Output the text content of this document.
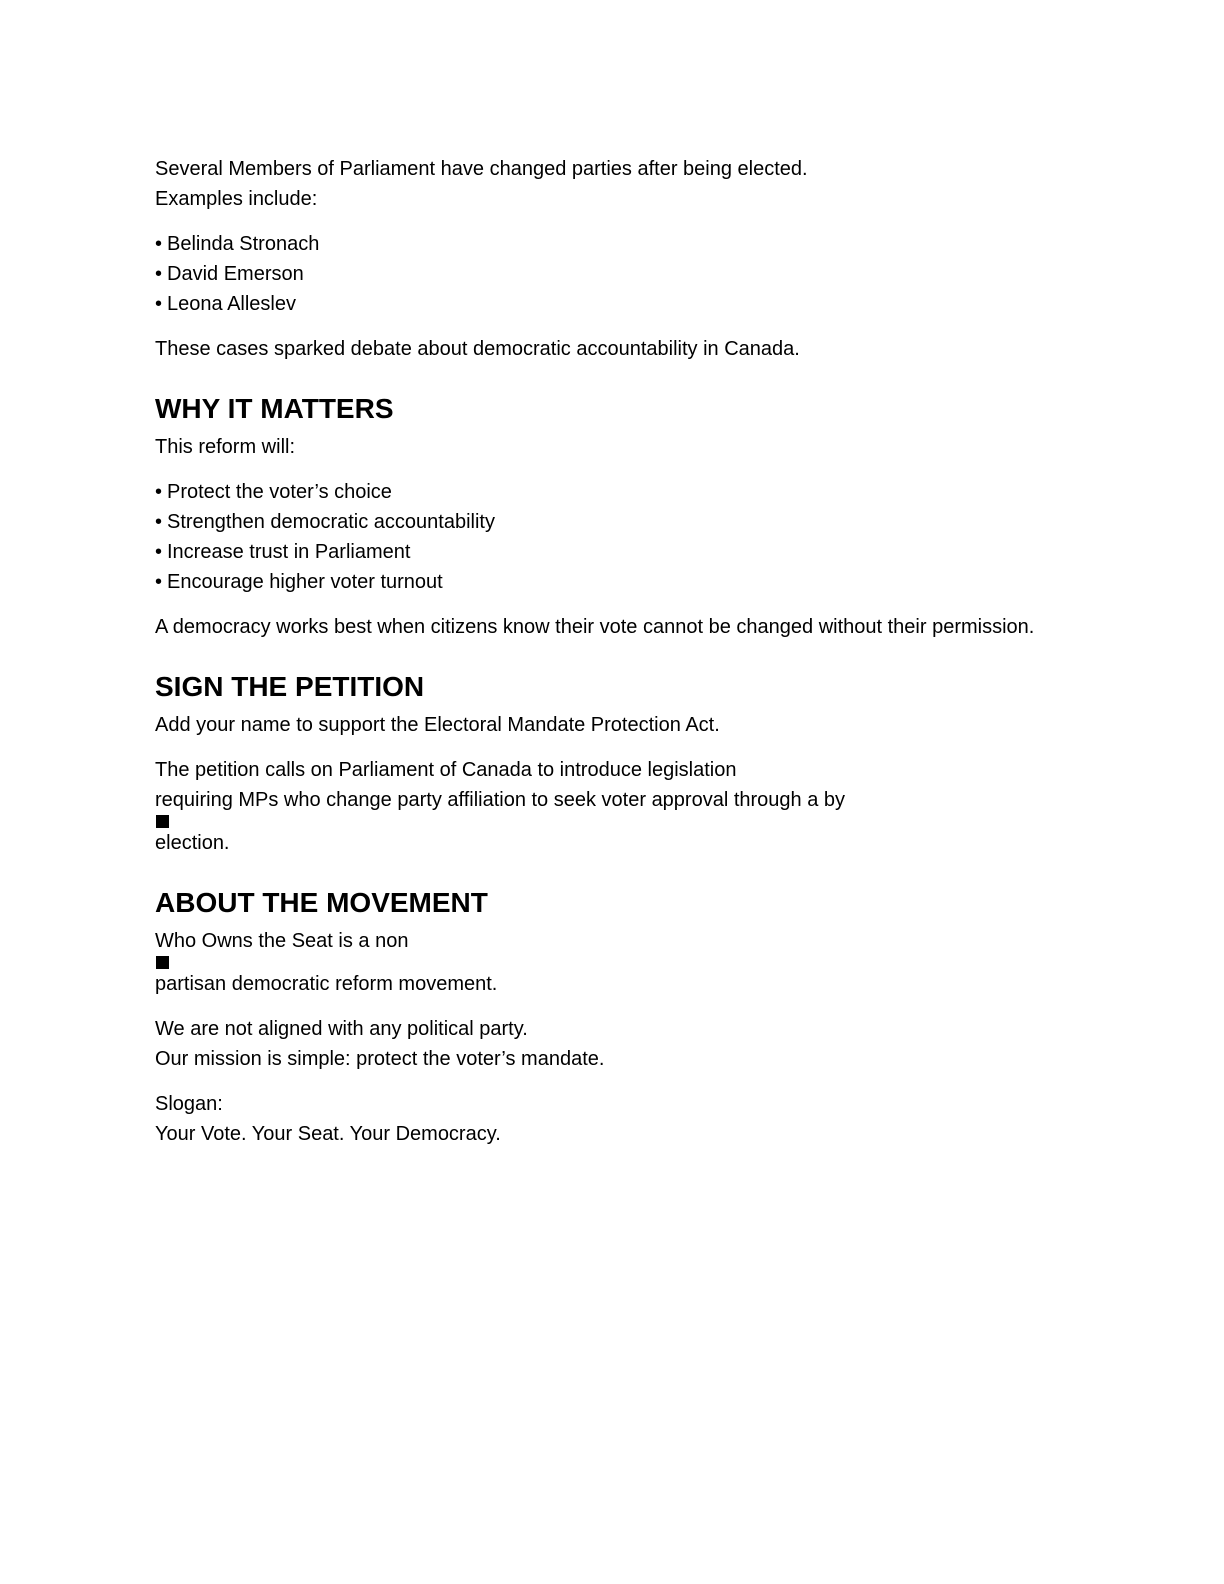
Several Members of Parliament have changed parties after being elected.
Examples include:

• Belinda Stronach
• David Emerson
• Leona Alleslev

These cases sparked debate about democratic accountability in Canada.

WHY IT MATTERS

This reform will:

• Protect the voter’s choice
• Strengthen democratic accountability
• Increase trust in Parliament
• Encourage higher voter turnout

A democracy works best when citizens know their vote cannot be changed without their permission.

SIGN THE PETITION

Add your name to support the Electoral Mandate Protection Act.

The petition calls on Parliament of Canada to introduce legislation
requiring MPs who change party affiliation to seek voter approval through a by
election.

ABOUT THE MOVEMENT

Who Owns the Seat is a non
partisan democratic reform movement.

We are not aligned with any political party.
Our mission is simple: protect the voter’s mandate.

Slogan:
Your Vote. Your Seat. Your Democracy.
